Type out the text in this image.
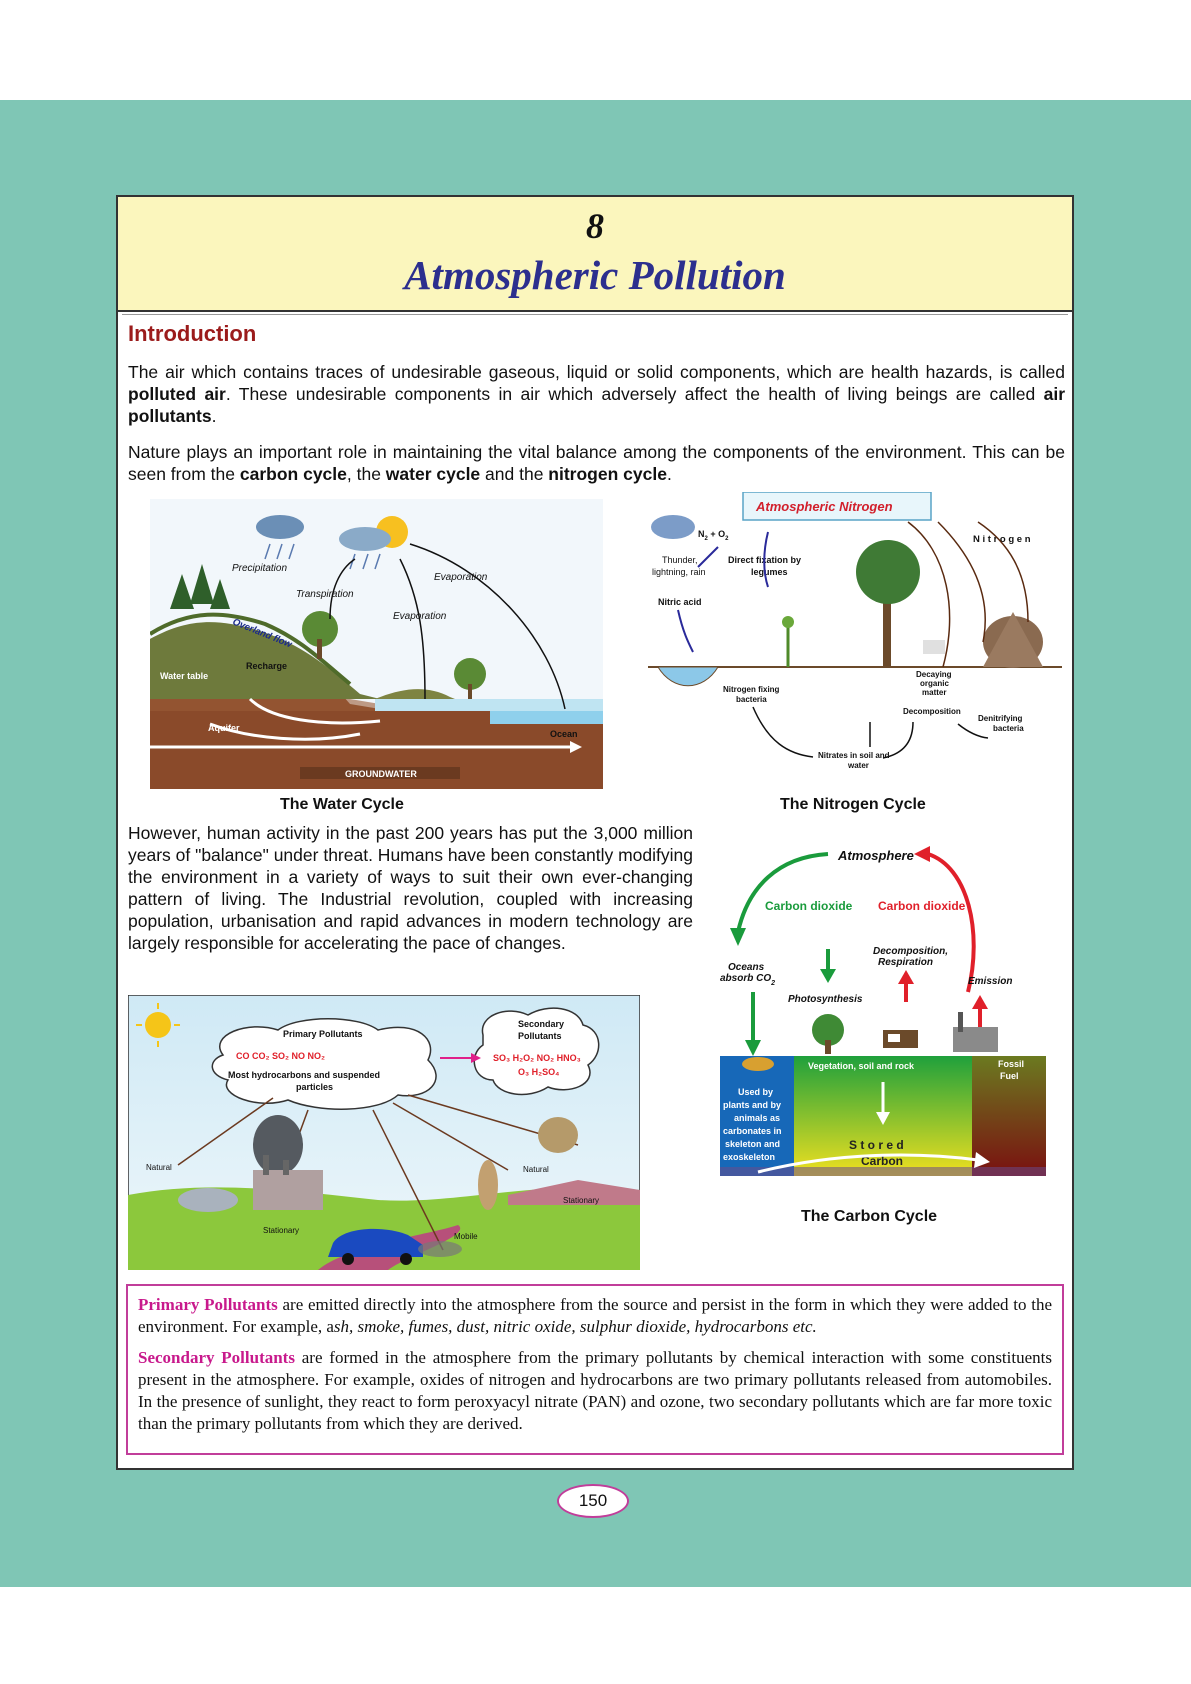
8
Atmospheric Pollution
Introduction
The air which contains traces of undesirable gaseous, liquid or solid components, which are health hazards, is called polluted air. These undesirable components in air which adversely affect the health of living beings are called air pollutants.
Nature plays an important role in maintaining the vital balance among the components of the environment. This can be seen from the carbon cycle, the water cycle and the nitrogen cycle.
GROUNDWATER
Water table
Aquifer
Ocean
Recharge
Overland flow
Precipitation
Transpiration
Evaporation
Evaporation
The Water Cycle
Atmospheric Nitrogen
$N_2 + O_2$
Thunder,
lightning, rain
Direct fixation by
legumes
Nitric acid
N i t r o g e n
Nitrogen fixing
bacteria
Decaying
organic
matter
Decomposition
Denitrifying
bacteria
Nitrates in soil and
water
The Nitrogen Cycle
However, human activity in the past 200 years has put the 3,000 million years of "balance" under threat. Humans have been constantly modifying the environment in a variety of ways to suit their own ever-changing pattern of living. The Industrial revolution, coupled with increasing population, urbanisation and rapid advances in modern technology are largely responsible for accelerating the pace of changes.
Atmosphere
Carbon dioxide Carbon dioxide
Oceans
absorb $CO_2$
Photosynthesis
Decomposition,
Respiration
Emission
Vegetation, soil and rock	Fossil
Fuel
Used by
plants and by
animals as
carbonates in
skeleton and
exoskeleton
S t o r e d
Carbon
The Carbon Cycle
Primary Pollutants
CO CO₂ SO₂ NO NO₂
Most hydrocarbons and suspended
particles
Secondary
Pollutants
SO₃ H₂O₂ NO₂ HNO₃
O₃ H₂SO₄
Natural	Natural
Stationary
Stationary
Mobile

Primary Pollutants are emitted directly into the atmosphere from the source and persist in the form in which they were added to the environment. For example, ash, smoke, fumes, dust, nitric oxide, sulphur dioxide, hydrocarbons etc.

Secondary Pollutants are formed in the atmosphere from the primary pollutants by chemical interaction with some constituents present in the atmosphere. For example, oxides of nitrogen and hydrocarbons are two primary pollutants released from automobiles. In the presence of sunlight, they react to form peroxyacyl nitrate (PAN) and ozone, two secondary pollutants which are far more toxic than the primary pollutants from which they are derived.

150
